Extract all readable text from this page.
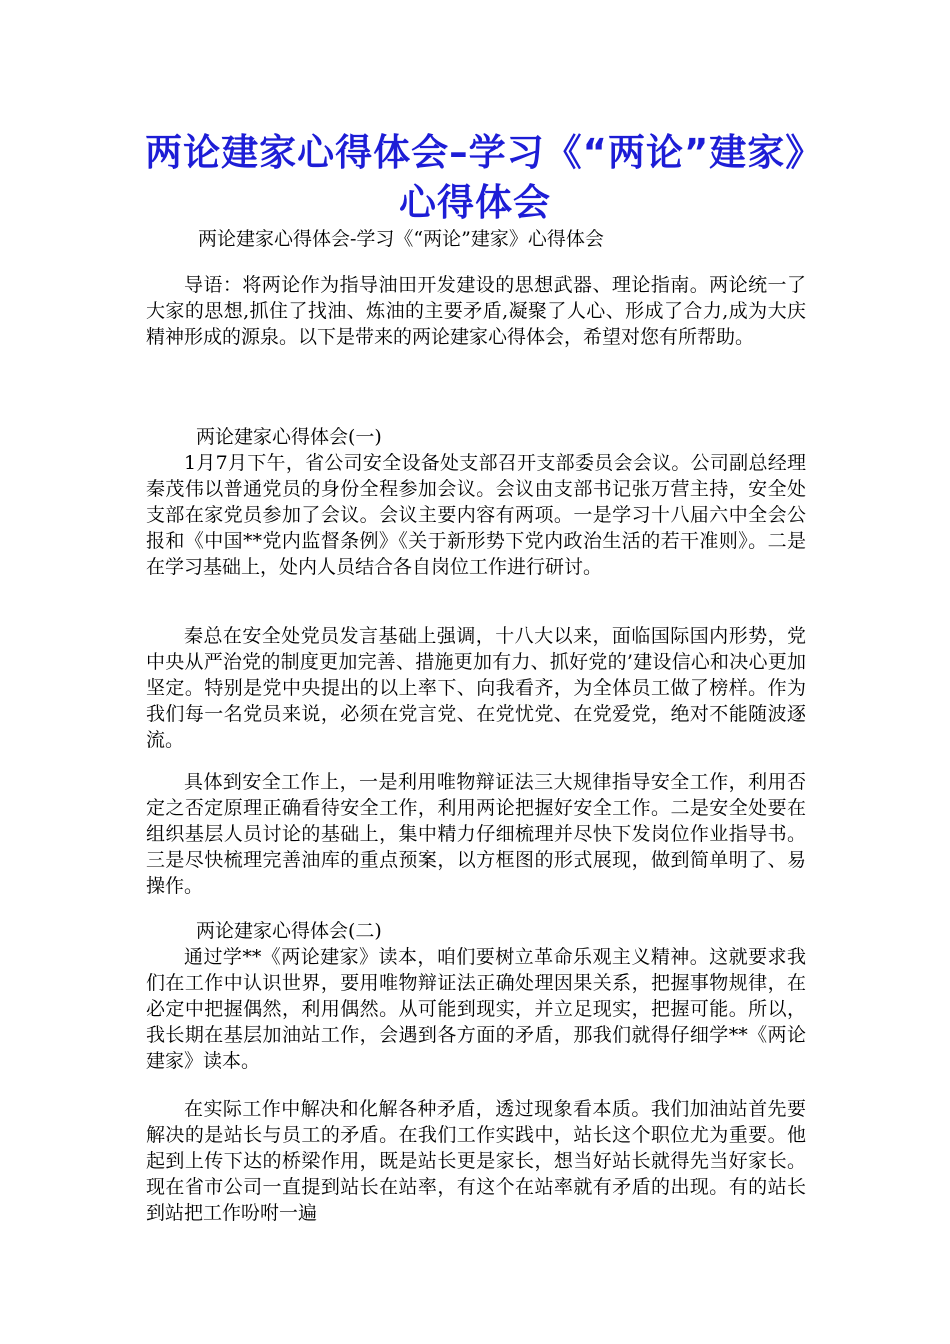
两论建家心得体会–学习《“两论”建家》心得体会
两论建家心得体会-学习《“两论”建家》心得体会

导语：将两论作为指导油田开发建设的思想武器、理论指南。两论统一了大家的思想,抓住了找油、炼油的主要矛盾,凝聚了人心、形成了合力,成为大庆精神形成的源泉。以下是带来的两论建家心得体会，希望对您有所帮助。

两论建家心得体会(一)

1月7月下午，省公司安全设备处支部召开支部委员会会议。公司副总经理秦茂伟以普通党员的身份全程参加会议。会议由支部书记张万营主持，安全处支部在家党员参加了会议。会议主要内容有两项。一是学习十八届六中全会公报和《中国**党内监督条例》《关于新形势下党内政治生活的若干准则》。二是在学习基础上，处内人员结合各自岗位工作进行研讨。

秦总在安全处党员发言基础上强调，十八大以来，面临国际国内形势，党中央从严治党的制度更加完善、措施更加有力、抓好党的’建设信心和决心更加坚定。特别是党中央提出的以上率下、向我看齐，为全体员工做了榜样。作为我们每一名党员来说，必须在党言党、在党忧党、在党爱党，绝对不能随波逐流。

具体到安全工作上，一是利用唯物辩证法三大规律指导安全工作，利用否定之否定原理正确看待安全工作，利用两论把握好安全工作。二是安全处要在组织基层人员讨论的基础上，集中精力仔细梳理并尽快下发岗位作业指导书。三是尽快梳理完善油库的重点预案，以方框图的形式展现，做到简单明了、易操作。

两论建家心得体会(二)

通过学**《两论建家》读本，咱们要树立革命乐观主义精神。这就要求我们在工作中认识世界，要用唯物辩证法正确处理因果关系，把握事物规律，在必定中把握偶然，利用偶然。从可能到现实，并立足现实，把握可能。所以，我长期在基层加油站工作，会遇到各方面的矛盾，那我们就得仔细学**《两论建家》读本。

在实际工作中解决和化解各种矛盾，透过现象看本质。我们加油站首先要解决的是站长与员工的矛盾。在我们工作实践中，站长这个职位尤为重要。他起到上传下达的桥梁作用，既是站长更是家长，想当好站长就得先当好家长。现在省市公司一直提到站长在站率，有这个在站率就有矛盾的出现。有的站长到站把工作吩咐一遍
